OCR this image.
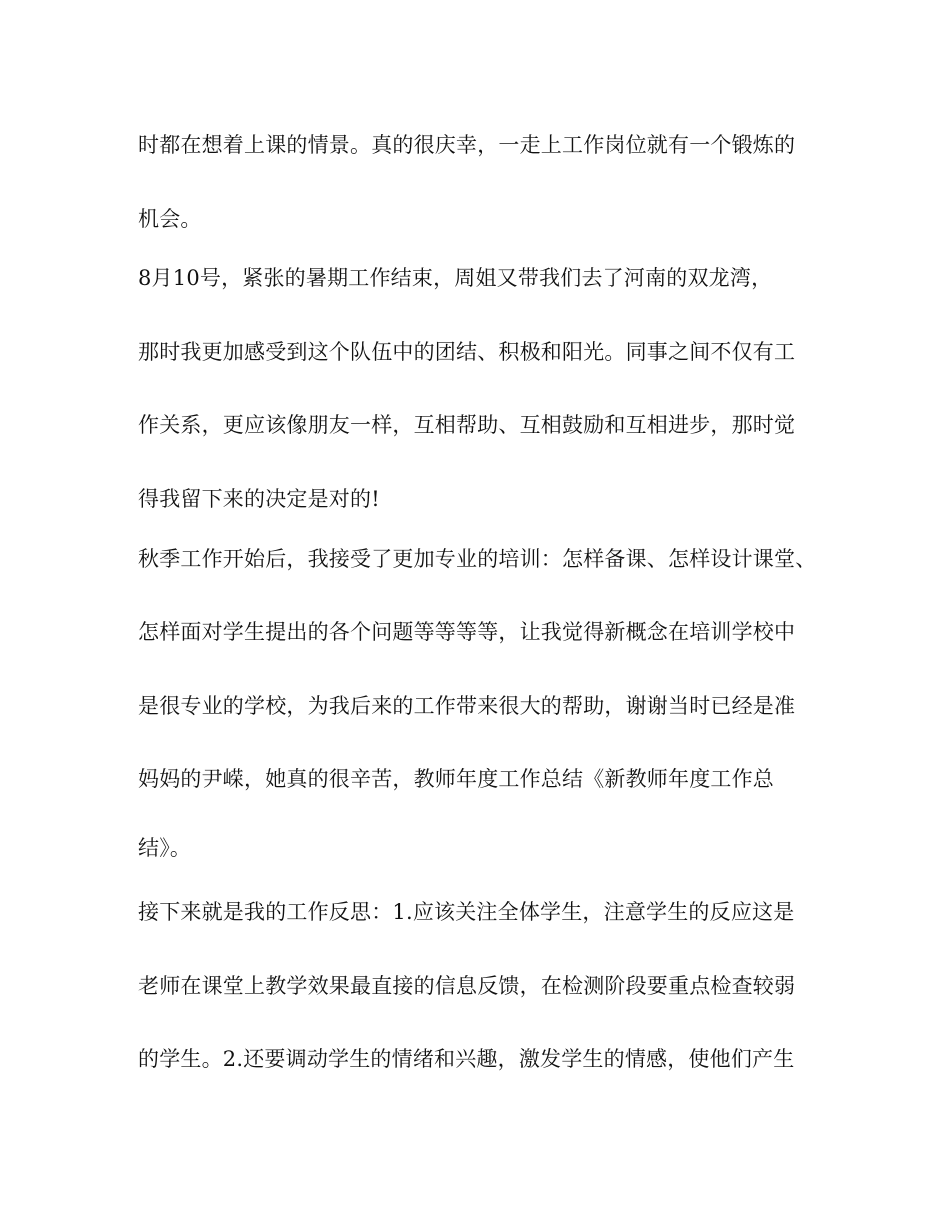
时都在想着上课的情景。真的很庆幸，一走上工作岗位就有一个锻炼的

机会。

8月10号，紧张的暑期工作结束，周姐又带我们去了河南的双龙湾，

那时我更加感受到这个队伍中的团结、积极和阳光。同事之间不仅有工

作关系，更应该像朋友一样，互相帮助、互相鼓励和互相进步，那时觉

得我留下来的决定是对的!

秋季工作开始后，我接受了更加专业的培训：怎样备课、怎样设计课堂、

怎样面对学生提出的各个问题等等等等，让我觉得新概念在培训学校中

是很专业的学校，为我后来的工作带来很大的帮助，谢谢当时已经是准

妈妈的尹嵘，她真的很辛苦，教师年度工作总结《新教师年度工作总

结》。

接下来就是我的工作反思：1.应该关注全体学生，注意学生的反应这是

老师在课堂上教学效果最直接的信息反馈，在检测阶段要重点检查较弱

的学生。2.还要调动学生的情绪和兴趣，激发学生的情感，使他们产生
